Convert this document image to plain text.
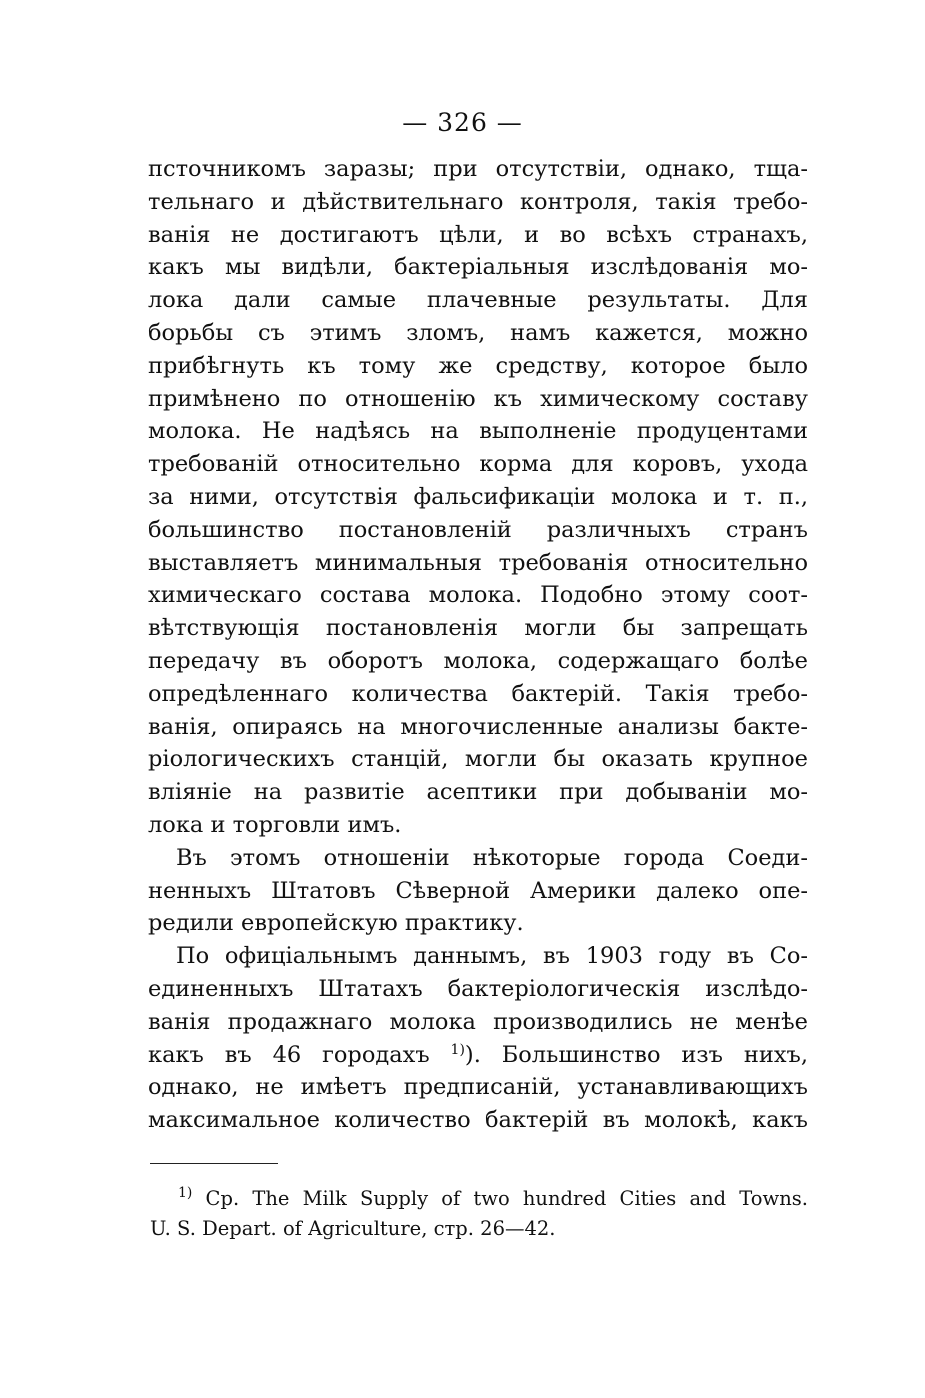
— 326 —
псточникомъ заразы; при отсутствіи, однако, тща-
тельнаго и дѣйствительнаго контроля, такія требо-
ванія не достигаютъ цѣли, и во всѣхъ странахъ,
какъ мы видѣли, бактеріальныя изслѣдованія мо-
лока дали самые плачевные результаты. Для
борьбы съ этимъ зломъ, намъ кажется, можно
прибѣгнуть къ тому же средству, которое было
примѣнено по отношенію къ химическому составу
молока. Не надѣясь на выполненіе продуцентами
требованій относительно корма для коровъ, ухода
за ними, отсутствія фальсификаціи молока и т. п.,
большинство постановленій различныхъ странъ
выставляетъ минимальныя требованія относительно
химическаго состава молока. Подобно этому соот-
вѣтствующія постановленія могли бы запрещать
передачу въ оборотъ молока, содержащаго болѣе
опредѣленнаго количества бактерій. Такія требо-
ванія, опираясь на многочисленные анализы бакте-
ріологическихъ станцій, могли бы оказать крупное
вліяніе на развитіе асептики при добываніи мо-
лока и торговли имъ.
Въ этомъ отношеніи нѣкоторые города Соеди-
ненныхъ Штатовъ Сѣверной Америки далеко опе-
редили европейскую практику.
По офиціальнымъ даннымъ, въ 1903 году въ Со-
единенныхъ Штатахъ бактеріологическія изслѣдо-
ванія продажнаго молока производились не менѣе
какъ въ 46 городахъ $^{1)}$). Большинство изъ нихъ,
однако, не имѣетъ предписаній, устанавливающихъ
максимальное количество бактерій въ молокѣ, какъ
$^{1)}$ Ср. The Milk Supply of two hundred Cities and Towns.
U. S. Depart. of Agriculture, стр. 26—42.
